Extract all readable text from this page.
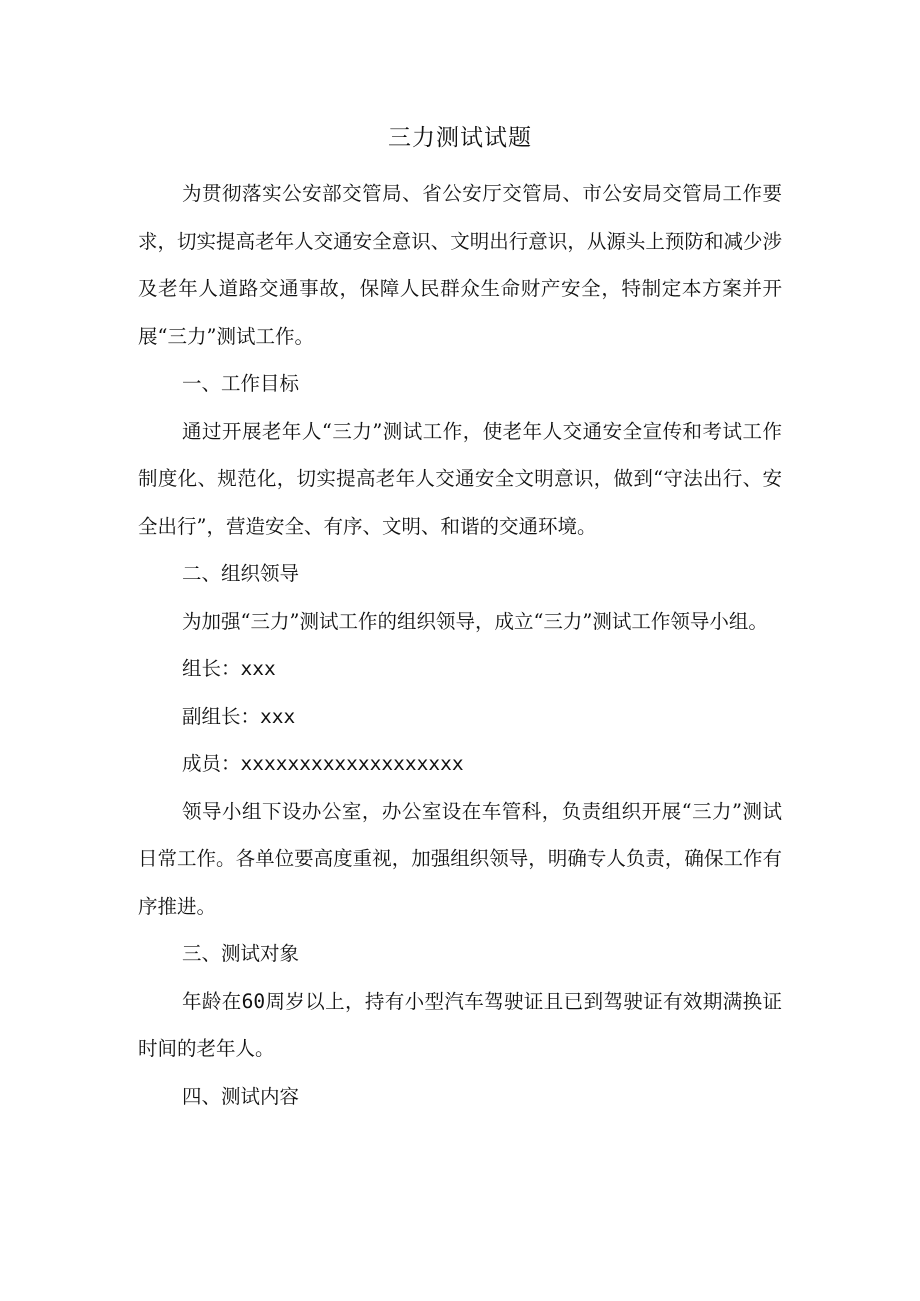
三力测试试题

为贯彻落实公安部交管局、省公安厅交管局、市公安局交管局工作要求，切实提高老年人交通安全意识、文明出行意识，从源头上预防和减少涉及老年人道路交通事故，保障人民群众生命财产安全，特制定本方案并开展“三力”测试工作。

一、工作目标

通过开展老年人“三力”测试工作，使老年人交通安全宣传和考试工作制度化、规范化，切实提高老年人交通安全文明意识，做到“守法出行、安全出行”，营造安全、有序、文明、和谐的交通环境。

二、组织领导

为加强“三力”测试工作的组织领导，成立“三力”测试工作领导小组。

组长：xxx

副组长：xxx

成员：xxxxxxxxxxxxxxxxxxx

领导小组下设办公室，办公室设在车管科，负责组织开展“三力”测试日常工作。各单位要高度重视，加强组织领导，明确专人负责，确保工作有序推进。

三、测试对象

年龄在60周岁以上，持有小型汽车驾驶证且已到驾驶证有效期满换证时间的老年人。

四、测试内容
